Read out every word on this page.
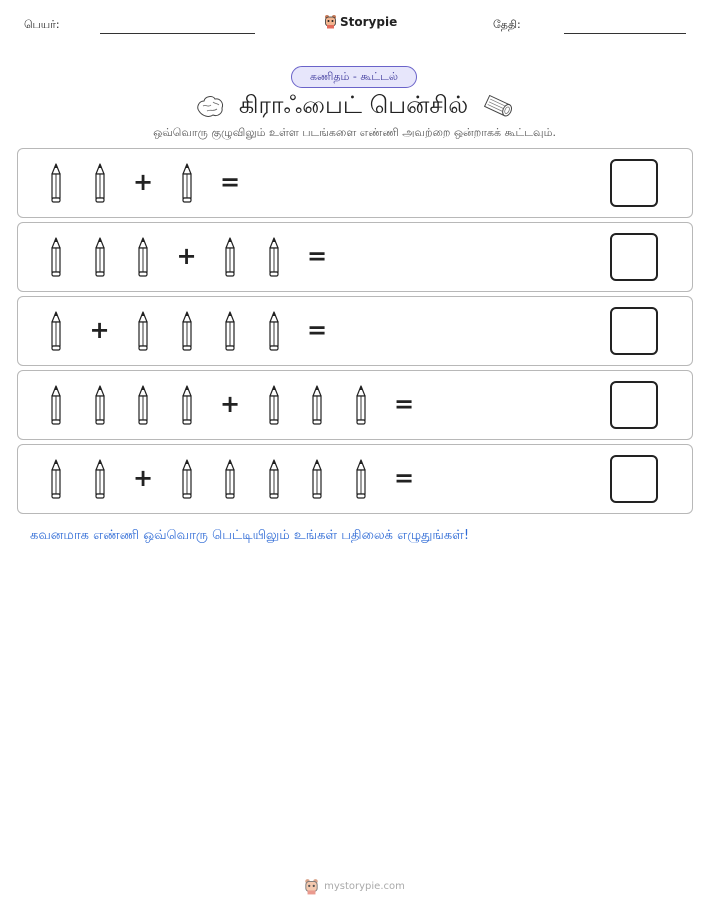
பெயர்:	Storypie	தேதி:
கணிதம் - கூட்டல்
கிராஃபைட் பென்சில்
ஒவ்வொரு குழுவிலும் உள்ள படங்களை எண்ணி அவற்றை ஒன்றாகக் கூட்டவும்.
+	=
+	=
+	=
+	=
+	=
கவனமாக எண்ணி ஒவ்வொரு பெட்டியிலும் உங்கள் பதிலைக் எழுதுங்கள்!
mystorypie.com
